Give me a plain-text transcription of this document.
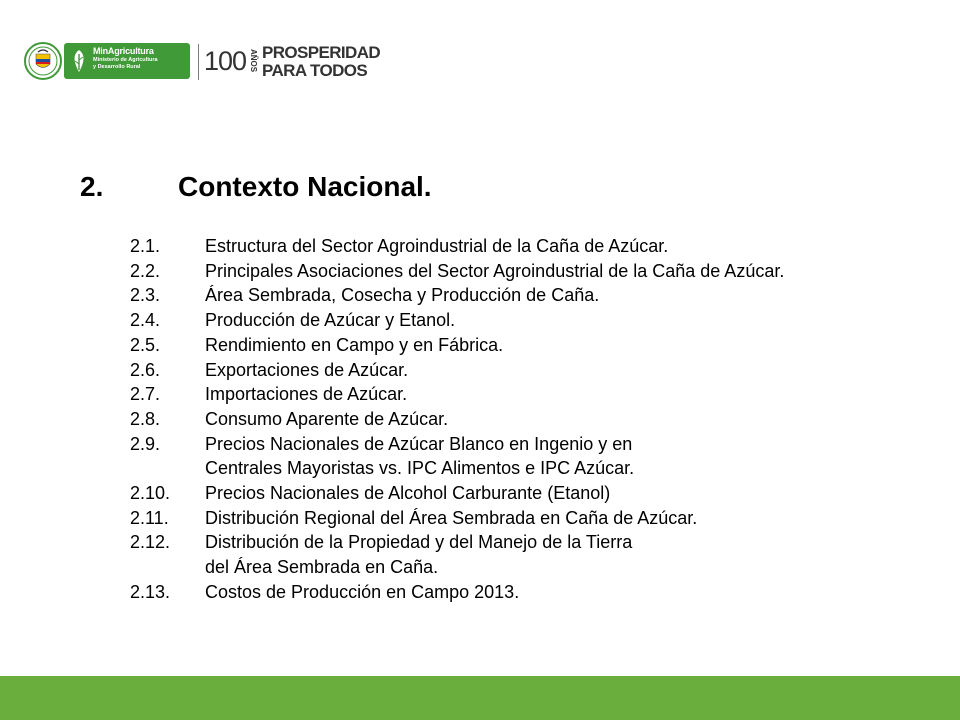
MinAgricultura
Ministerio de Agricultura
y Desarrollo Rural	100 AÑOS PROSPERIDAD
PARA TODOS
2.	Contexto Nacional.
2.1.	Estructura del Sector Agroindustrial de la Caña de Azúcar.
2.2.	Principales Asociaciones del Sector Agroindustrial de la Caña de Azúcar.
2.3.	Área Sembrada, Cosecha y Producción de Caña.
2.4.	Producción de Azúcar y Etanol.
2.5.	Rendimiento en Campo y en Fábrica.
2.6.	Exportaciones de Azúcar.
2.7.	Importaciones de Azúcar.
2.8.	Consumo Aparente de Azúcar.
2.9.	Precios Nacionales de Azúcar Blanco en Ingenio y en
Centrales Mayoristas vs. IPC Alimentos e IPC Azúcar.
2.10.	Precios Nacionales de Alcohol Carburante (Etanol)
2.11.	Distribución Regional del Área Sembrada en Caña de Azúcar.
2.12.	Distribución de la Propiedad y del Manejo de la Tierra
del Área Sembrada en Caña.
2.13.	Costos de Producción en Campo 2013.
